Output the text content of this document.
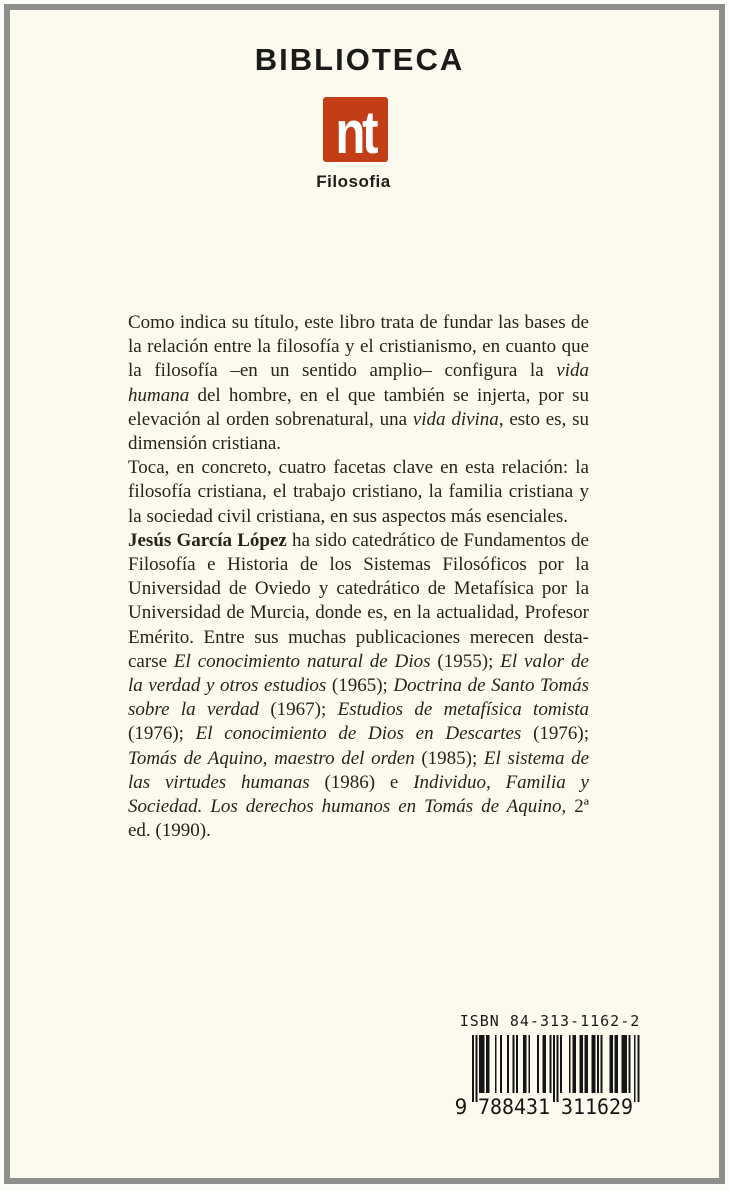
BIBLIOTECA
nt
Filosofia

Como indica su título, este libro trata de fundar las bases de la relación entre la filosofía y el cristianismo, en cuanto que la filosofía –en un sentido amplio– configura la vida humana del hombre, en el que también se injerta, por su elevación al orden sobrenatural, una vida divina, esto es, su dimensión cristiana.

Toca, en concreto, cuatro facetas clave en esta relación: la filosofía cristiana, el trabajo cristiano, la familia cristiana y la sociedad civil cristiana, en sus aspectos más esenciales.

Jesús García López ha sido catedrático de Fundamentos de Filosofía e Historia de los Sistemas Filosóficos por la Universidad de Oviedo y catedrático de Metafísica por la Universidad de Murcia, donde es, en la actualidad, Profesor Emérito. Entre sus muchas publicaciones merecen destacarse El conocimiento natural de Dios (1955); El valor de la verdad y otros estudios (1965); Doctrina de Santo Tomás sobre la verdad (1967); Estudios de metafísica tomista (1976); El conocimiento de Dios en Descartes (1976); Tomás de Aquino, maestro del orden (1985); El sistema de las virtudes humanas (1986) e Individuo, Familia y Sociedad. Los derechos humanos en Tomás de Aquino, 2ª ed. (1990).

ISBN 84-313-1162-2
9 788431 311629
